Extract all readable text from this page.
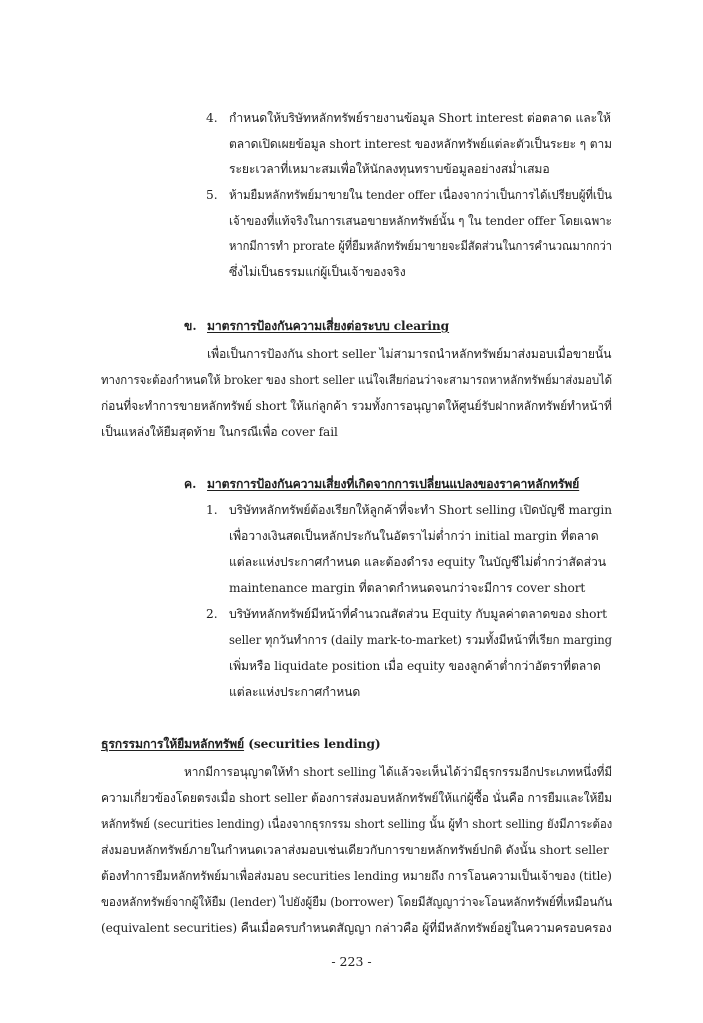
4. กำหนดให้บริษัทหลักทรัพย์รายงานข้อมูล Short interest ต่อตลาด และให้
ตลาดเปิดเผยข้อมูล short interest ของหลักทรัพย์แต่ละตัวเป็นระยะ ๆ ตาม
ระยะเวลาที่เหมาะสมเพื่อให้นักลงทุนทราบข้อมูลอย่างสม่ำเสมอ
5. ห้ามยืมหลักทรัพย์มาขายใน tender offer เนื่องจากว่าเป็นการได้เปรียบผู้ที่เป็น
เจ้าของที่แท้จริงในการเสนอขายหลักทรัพย์นั้น ๆ ใน tender offer โดยเฉพาะ
หากมีการทำ prorate ผู้ที่ยืมหลักทรัพย์มาขายจะมีสัดส่วนในการคำนวณมากกว่า
ซึ่งไม่เป็นธรรมแก่ผู้เป็นเจ้าของจริง
ข. มาตรการป้องกันความเสี่ยงต่อระบบ clearing
เพื่อเป็นการป้องกัน short seller ไม่สามารถนำหลักทรัพย์มาส่งมอบเมื่อขายนั้น
ทางการจะต้องกำหนดให้ broker ของ short seller แน่ใจเสียก่อนว่าจะสามารถหาหลักทรัพย์มาส่งมอบได้
ก่อนที่จะทำการขายหลักทรัพย์ short ให้แก่ลูกค้า รวมทั้งการอนุญาตให้ศูนย์รับฝากหลักทรัพย์ทำหน้าที่
เป็นแหล่งให้ยืมสุดท้าย ในกรณีเพื่อ cover fail
ค. มาตรการป้องกันความเสี่ยงที่เกิดจากการเปลี่ยนแปลงของราคาหลักทรัพย์
1. บริษัทหลักทรัพย์ต้องเรียกให้ลูกค้าที่จะทำ Short selling เปิดบัญชี margin
เพื่อวางเงินสดเป็นหลักประกันในอัตราไม่ต่ำกว่า initial margin ที่ตลาด
แต่ละแห่งประกาศกำหนด และต้องดำรง equity ในบัญชีไม่ต่ำกว่าสัดส่วน
maintenance margin ที่ตลาดกำหนดจนกว่าจะมีการ cover short
2. บริษัทหลักทรัพย์มีหน้าที่คำนวณสัดส่วน Equity กับมูลค่าตลาดของ short
seller ทุกวันทำการ (daily mark-to-market) รวมทั้งมีหน้าที่เรียก marging
เพิ่มหรือ liquidate position เมื่อ equity ของลูกค้าต่ำกว่าอัตราที่ตลาด
แต่ละแห่งประกาศกำหนด
ธุรกรรมการให้ยืมหลักทรัพย์ (securities lending)
หากมีการอนุญาตให้ทำ short selling ได้แล้วจะเห็นได้ว่ามีธุรกรรมอีกประเภทหนึ่งที่มี
ความเกี่ยวข้องโดยตรงเมื่อ short seller ต้องการส่งมอบหลักทรัพย์ให้แก่ผู้ซื้อ นั่นคือ การยืมและให้ยืม
หลักทรัพย์ (securities lending) เนื่องจากธุรกรรม short selling นั้น ผู้ทำ short selling ยังมีภาระต้อง
ส่งมอบหลักทรัพย์ภายในกำหนดเวลาส่งมอบเช่นเดียวกับการขายหลักทรัพย์ปกติ ดังนั้น short seller
ต้องทำการยืมหลักทรัพย์มาเพื่อส่งมอบ securities lending หมายถึง การโอนความเป็นเจ้าของ (title)
ของหลักทรัพย์จากผู้ให้ยืม (lender) ไปยังผู้ยืม (borrower) โดยมีสัญญาว่าจะโอนหลักทรัพย์ที่เหมือนกัน
(equivalent securities) คืนเมื่อครบกำหนดสัญญา กล่าวคือ ผู้ที่มีหลักทรัพย์อยู่ในความครอบครอง
- 223 -
